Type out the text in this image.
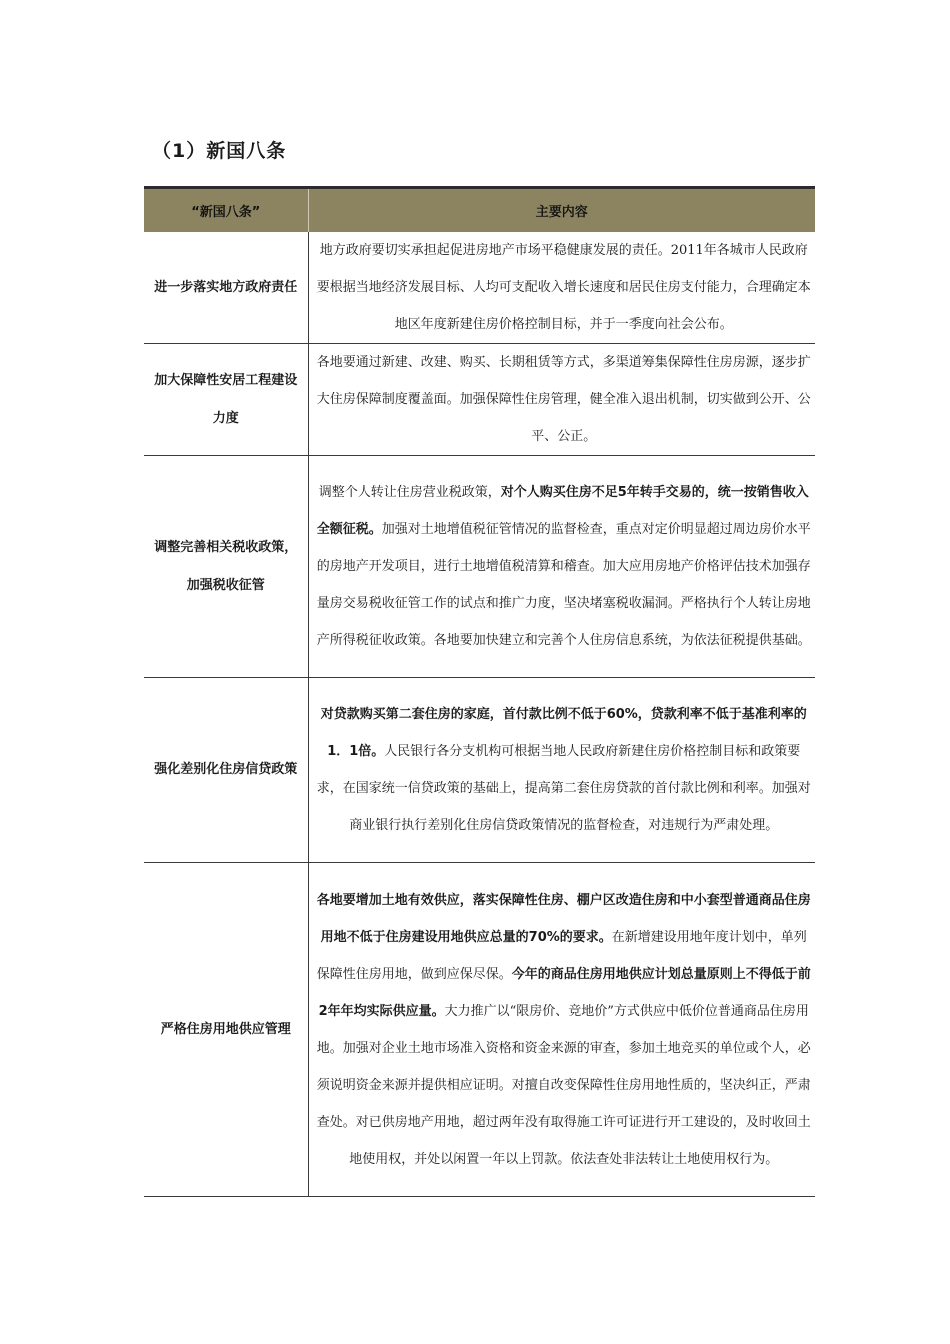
（1）新国八条
“新国八条”	主要内容
进一步落实地方政府责任	地方政府要切实承担起促进房地产市场平稳健康发展的责任。2011年各城市人民政府要根据当地经济发展目标、人均可支配收入增长速度和居民住房支付能力，合理确定本地区年度新建住房价格控制目标，并于一季度向社会公布。
加大保障性安居工程建设力度	各地要通过新建、改建、购买、长期租赁等方式，多渠道筹集保障性住房房源，逐步扩大住房保障制度覆盖面。加强保障性住房管理，健全准入退出机制，切实做到公开、公平、公正。
调整完善相关税收政策，加强税收征管	调整个人转让住房营业税政策，对个人购买住房不足5年转手交易的，统一按销售收入全额征税。加强对土地增值税征管情况的监督检查，重点对定价明显超过周边房价水平的房地产开发项目，进行土地增值税清算和稽查。加大应用房地产价格评估技术加强存量房交易税收征管工作的试点和推广力度，坚决堵塞税收漏洞。严格执行个人转让房地产所得税征收政策。各地要加快建立和完善个人住房信息系统，为依法征税提供基础。
强化差别化住房信贷政策	对贷款购买第二套住房的家庭，首付款比例不低于60%，贷款利率不低于基准利率的1．1倍。人民银行各分支机构可根据当地人民政府新建住房价格控制目标和政策要求，在国家统一信贷政策的基础上，提高第二套住房贷款的首付款比例和利率。加强对商业银行执行差别化住房信贷政策情况的监督检查，对违规行为严肃处理。
严格住房用地供应管理	各地要增加土地有效供应，落实保障性住房、棚户区改造住房和中小套型普通商品住房用地不低于住房建设用地供应总量的70%的要求。在新增建设用地年度计划中，单列保障性住房用地，做到应保尽保。今年的商品住房用地供应计划总量原则上不得低于前2年年均实际供应量。大力推广以“限房价、竞地价”方式供应中低价位普通商品住房用地。加强对企业土地市场准入资格和资金来源的审查，参加土地竞买的单位或个人，必须说明资金来源并提供相应证明。对擅自改变保障性住房用地性质的，坚决纠正，严肃查处。对已供房地产用地，超过两年没有取得施工许可证进行开工建设的，及时收回土地使用权，并处以闲置一年以上罚款。依法查处非法转让土地使用权行为。
